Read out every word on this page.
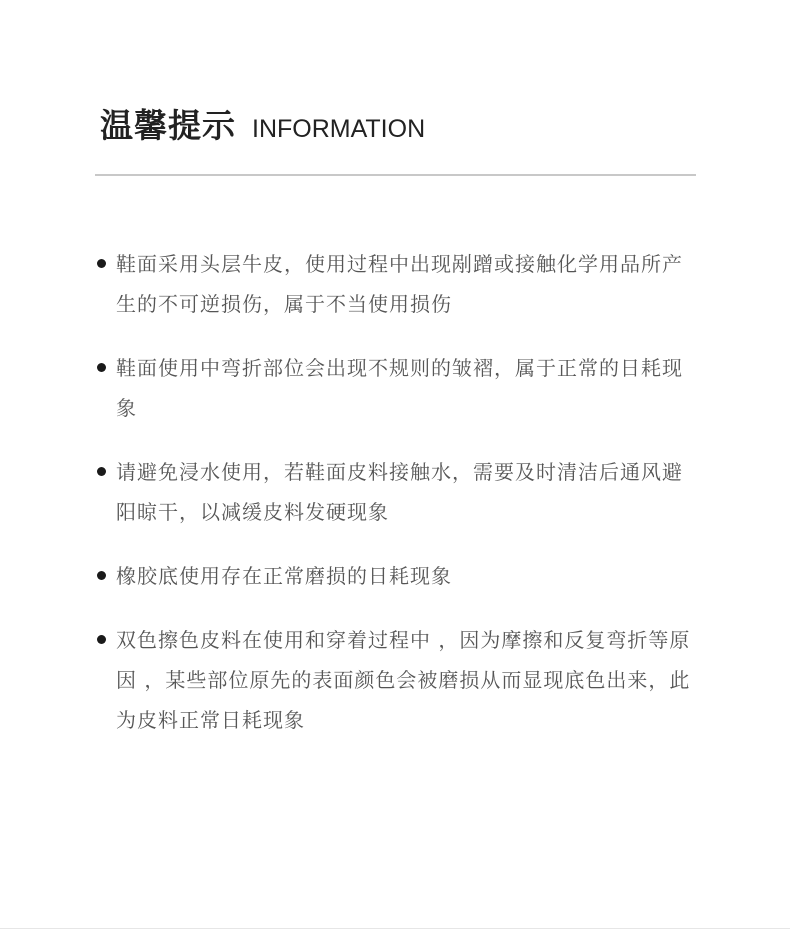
温馨提示 INFORMATION
鞋面采用头层牛皮，使用过程中出现剐蹭或接触化学用品所产生的不可逆损伤，属于不当使用损伤
鞋面使用中弯折部位会出现不规则的皱褶，属于正常的日耗现象
请避免浸水使用，若鞋面皮料接触水，需要及时清洁后通风避阳晾干，以减缓皮料发硬现象
橡胶底使用存在正常磨损的日耗现象
双色擦色皮料在使用和穿着过程中 ，因为摩擦和反复弯折等原因 ，某些部位原先的表面颜色会被磨损从而显现底色出来，此为皮料正常日耗现象
